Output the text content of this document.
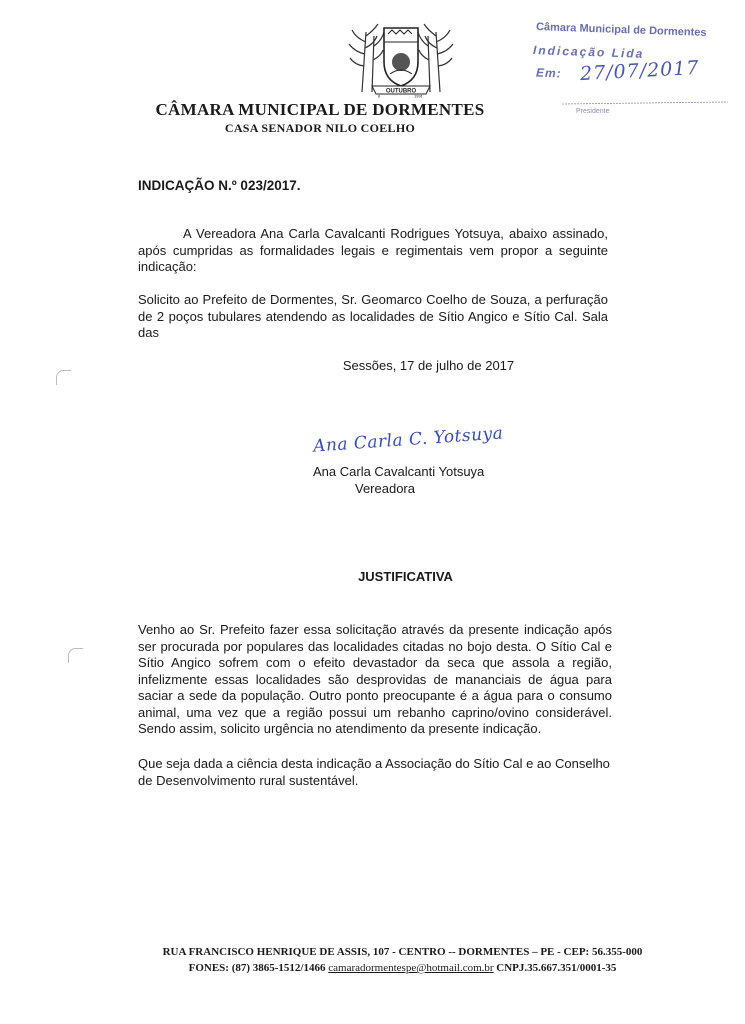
OUTUBRO
8	1991
CÂMARA MUNICIPAL DE DORMENTES
CASA SENADOR NILO COELHO
Câmara Municipal de Dormentes
Indicação Lida
Em: 27/07/2017
Presidente
INDICAÇÃO N.º 023/2017.
A Vereadora Ana Carla Cavalcanti Rodrigues Yotsuya, abaixo assinado, após cumpridas as formalidades legais e regimentais vem propor a seguinte indicação:
Solicito ao Prefeito de Dormentes, Sr. Geomarco Coelho de Souza, a perfuração de 2 poços tubulares atendendo as localidades de Sítio Angico e Sítio Cal. Sala das
Sessões, 17 de julho de 2017
Ana Carla C. Yotsuya
Ana Carla Cavalcanti Yotsuya
Vereadora
JUSTIFICATIVA
Venho ao Sr. Prefeito fazer essa solicitação através da presente indicação após ser procurada por populares das localidades citadas no bojo desta. O Sítio Cal e Sítio Angico sofrem com o efeito devastador da seca que assola a região, infelizmente essas localidades são desprovidas de mananciais de água para saciar a sede da população. Outro ponto preocupante é a água para o consumo animal, uma vez que a região possui um rebanho caprino/ovino considerável. Sendo assim, solicito urgência no atendimento da presente indicação.
Que seja dada a ciência desta indicação a Associação do Sítio Cal e ao Conselho de Desenvolvimento rural sustentável.
RUA FRANCISCO HENRIQUE DE ASSIS, 107 - CENTRO -- DORMENTES – PE - CEP: 56.355-000
FONES: (87) 3865-1512/1466 camaradormentespe@hotmail.com.br CNPJ.35.667.351/0001-35
